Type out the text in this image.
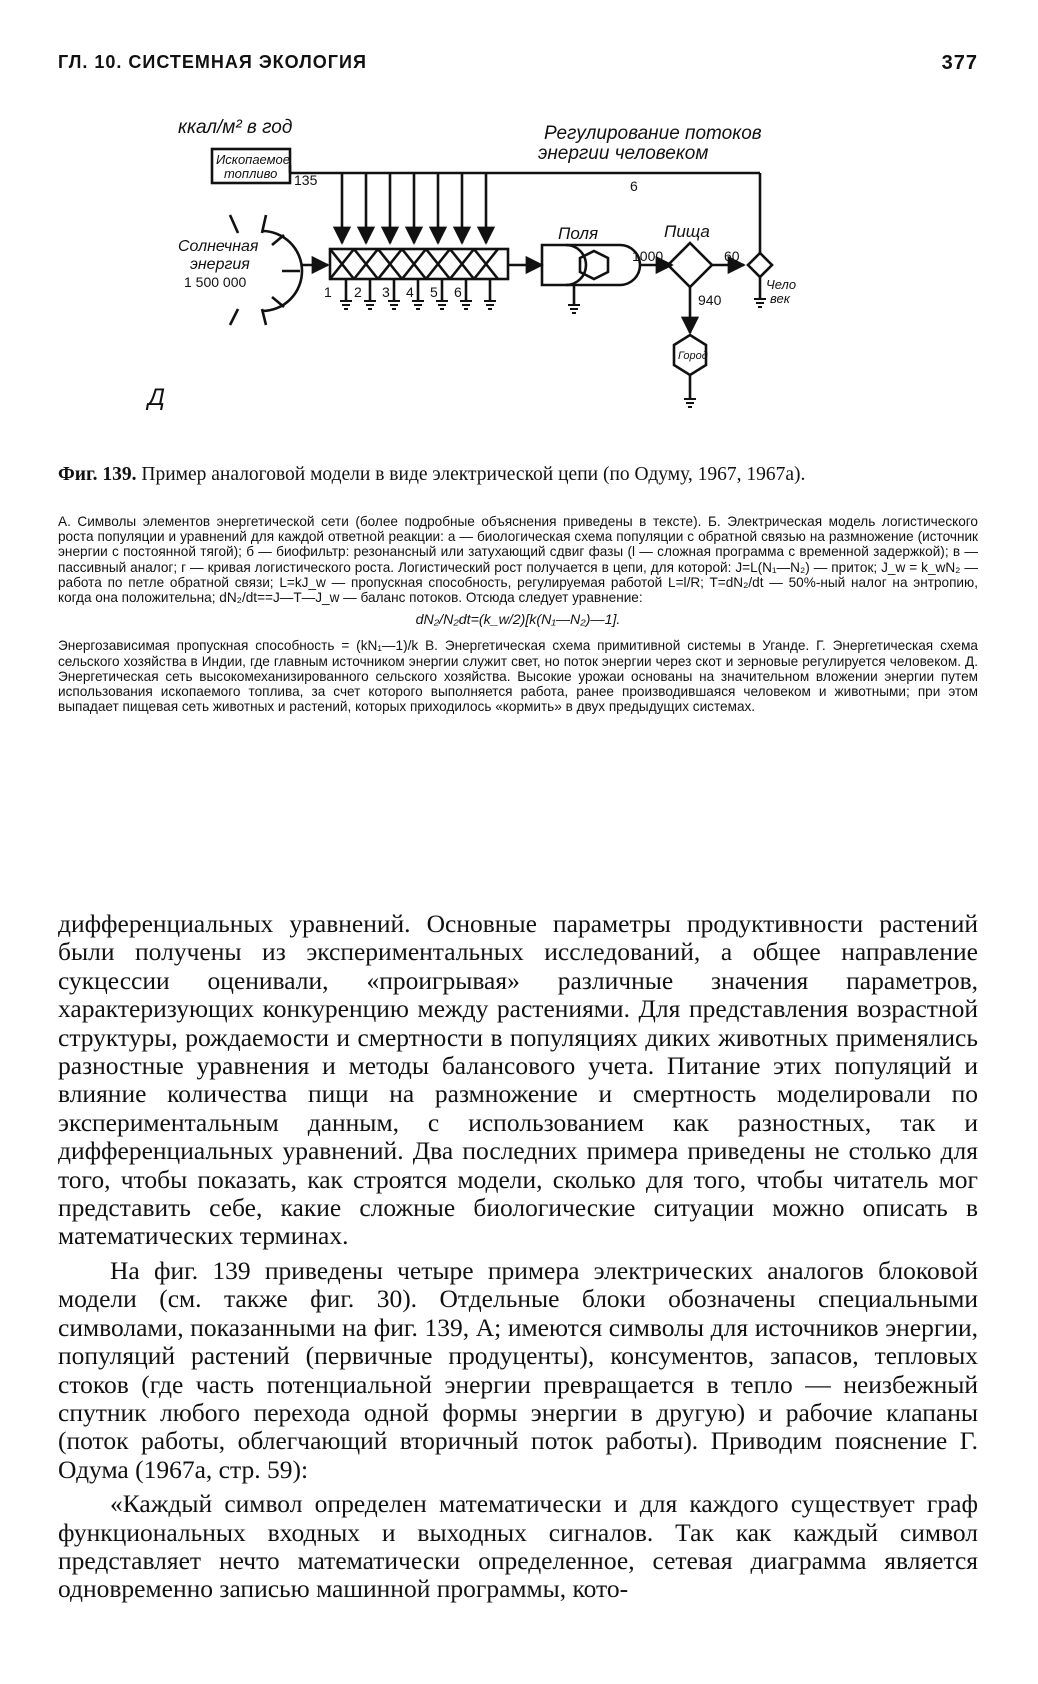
ГЛ. 10. СИСТЕМНАЯ ЭКОЛОГИЯ	377
ккал/м² в год
Ископаемое
топливо 135
Регулирование потоков
энергии человеком
6
Солнечная
энергия
1 500 000
1 2 3 4 5 6
Поля	Пища
1000	60
940
Город
Чело
век
Д
Фиг. 139. Пример аналоговой модели в виде электрической цепи (по Одуму, 1967, 1967а).

А. Символы элементов энергетической сети (более подробные объяснения приведены в тексте). Б. Электрическая модель логистического роста популяции и уравнений для каждой ответной реакции: а — биологическая схема популяции с обратной связью на размножение (источник энергии с постоянной тягой); б — биофильтр: резонансный или затухающий сдвиг фазы (l — сложная программа с временной задержкой); в — пассивный аналог; г — кривая логистического роста. Логистический рост получается в цепи, для которой: J=L(N₁—N₂) — приток; J_w = k_wN₂ — работа по петле обратной связи; L=kJ_w — пропускная способность, регулируемая работой L=l/R; T=dN₂/dt — 50%-ный налог на энтропию, когда она положительна; dN₂/dt==J—T—J_w — баланс потоков. Отсюда следует уравнение:

dN₂/N₂dt=(k_w/2)[k(N₁—N₂)—1].

Энергозависимая пропускная способность = (kN₁—1)/k В. Энергетическая схема примитивной системы в Уганде. Г. Энергетическая схема сельского хозяйства в Индии, где главным источником энергии служит свет, но поток энергии через скот и зерновые регулируется человеком. Д. Энергетическая сеть высокомеханизированного сельского хозяйства. Высокие урожаи основаны на значительном вложении энергии путем использования ископаемого топлива, за счет которого выполняется работа, ранее производившаяся человеком и животными; при этом выпадает пищевая сеть животных и растений, которых приходилось «кормить» в двух предыдущих системах.

дифференциальных уравнений. Основные параметры продуктивности растений были получены из экспериментальных исследований, а общее направление сукцессии оценивали, «проигрывая» различные значения параметров, характеризующих конкуренцию между растениями. Для представления возрастной структуры, рождаемости и смертности в популяциях диких животных применялись разностные уравнения и методы балансового учета. Питание этих популяций и влияние количества пищи на размножение и смертность моделировали по экспериментальным данным, с использованием как разностных, так и дифференциальных уравнений. Два последних примера приведены не столько для того, чтобы показать, как строятся модели, сколько для того, чтобы читатель мог представить себе, какие сложные биологические ситуации можно описать в математических терминах.

На фиг. 139 приведены четыре примера электрических аналогов блоковой модели (см. также фиг. 30). Отдельные блоки обозначены специальными символами, показанными на фиг. 139, А; имеются символы для источников энергии, популяций растений (первичные продуценты), консументов, запасов, тепловых стоков (где часть потенциальной энергии превращается в тепло — неизбежный спутник любого перехода одной формы энергии в другую) и рабочие клапаны (поток работы, облегчающий вторичный поток работы). Приводим пояснение Г. Одума (1967а, стр. 59):

«Каждый символ определен математически и для каждого существует граф функциональных входных и выходных сигналов. Так как каждый символ представляет нечто математически определенное, сетевая диаграмма является одновременно записью машинной программы, кото-
